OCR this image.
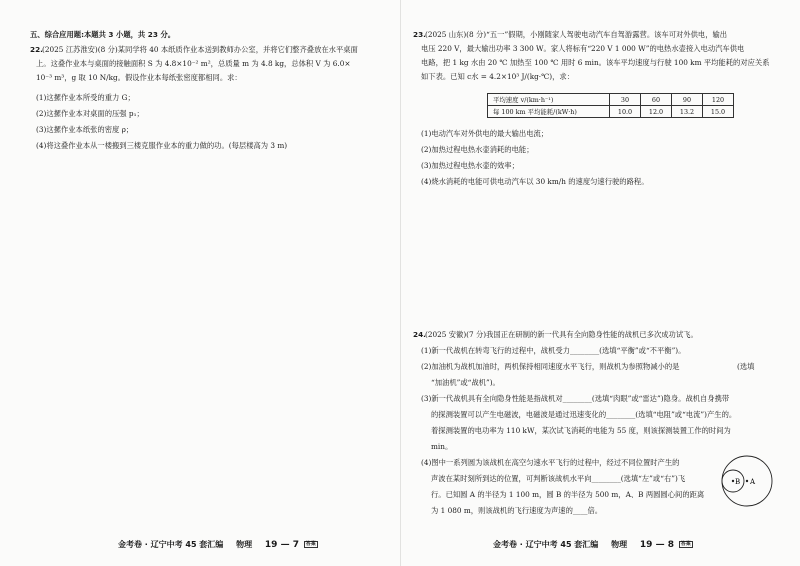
五、综合应用题:本题共 3 小题，共 23 分。
22. (2025 江苏淮安)(8 分)某同学将 40 本纸质作业本送到教师办公室，并将它们整齐叠放在水平桌面
上。这叠作业本与桌面的接触面积 S 为 4.8×10⁻² m²，总质量 m 为 4.8 kg，总体积 V 为 6.0×
10⁻³ m³，g 取 10 N/kg。假设作业本每纸张密度都相同。求：
(1)这摞作业本所受的重力 G；
(2)这摞作业本对桌面的压强 p₁；
(3)这摞作业本纸张的密度 ρ；
(4)将这叠作业本从一楼搬到三楼克服作业本的重力做的功。(每层楼高为 3 m)
金考卷 · 辽宁中考 45 套汇编 物理 19 — 7 答案
23. (2025 山东)(8 分)“五一”假期，小刚随家人驾驶电动汽车自驾游露营。该车可对外供电，输出
电压 220 V，最大输出功率 3 300 W。家人将标有“220 V 1 000 W”的电热水壶接入电动汽车供电
电路，把 1 kg 水由 20 ℃ 加热至 100 ℃ 用时 6 min。该车平均速度与行驶 100 km 平均能耗的对应关系
如下表。已知 c水 = 4.2×10³ J/(kg·℃)，求：
平均速度 v/(km·h⁻¹)	30	60	90	120
每 100 km 平均能耗/(kW·h)	10.0	12.0	13.2	15.0
(1)电动汽车对外供电的最大输出电流；
(2)加热过程电热水壶消耗的电能；
(3)加热过程电热水壶的效率；
(4)烧水消耗的电能可供电动汽车以 30 km/h 的速度匀速行驶的路程。
24. (2025 安徽)(7 分)我国正在研制的新一代具有全向隐身性能的战机已多次成功试飞。
(1)新一代战机在转弯飞行的过程中，战机受力________(选填“平衡”或“不平衡”)。
(2)加油机为战机加油时，两机保持相同速度水平飞行，则战机为参照物减小的是	(选填
“加油机”或“战机”)。
(3)新一代战机具有全向隐身性能是指战机对________(选填“肉眼”或“雷达”)隐身。战机自身携带
的探测装置可以产生电磁波，电磁波是通过迅速变化的________(选填“电阻”或“电流”)产生的。
着探测装置的电功率为 110 kW，某次试飞消耗的电能为 55 度，则该探测装置工作的时间为
min。
(4)图中一系列圆为该战机在高空匀速水平飞行的过程中，经过不同位置时产生的
声波在某时刻所到达的位置，可判断该战机水平向________(选填“左”或“右”)飞
行。已知圆 A 的半径为 1 100 m，圆 B 的半径为 500 m，A、B 两圆圆心间的距离
为 1 080 m，则该战机的飞行速度为声速的____倍。
A
B
金考卷 · 辽宁中考 45 套汇编 物理 19 — 8 答案
